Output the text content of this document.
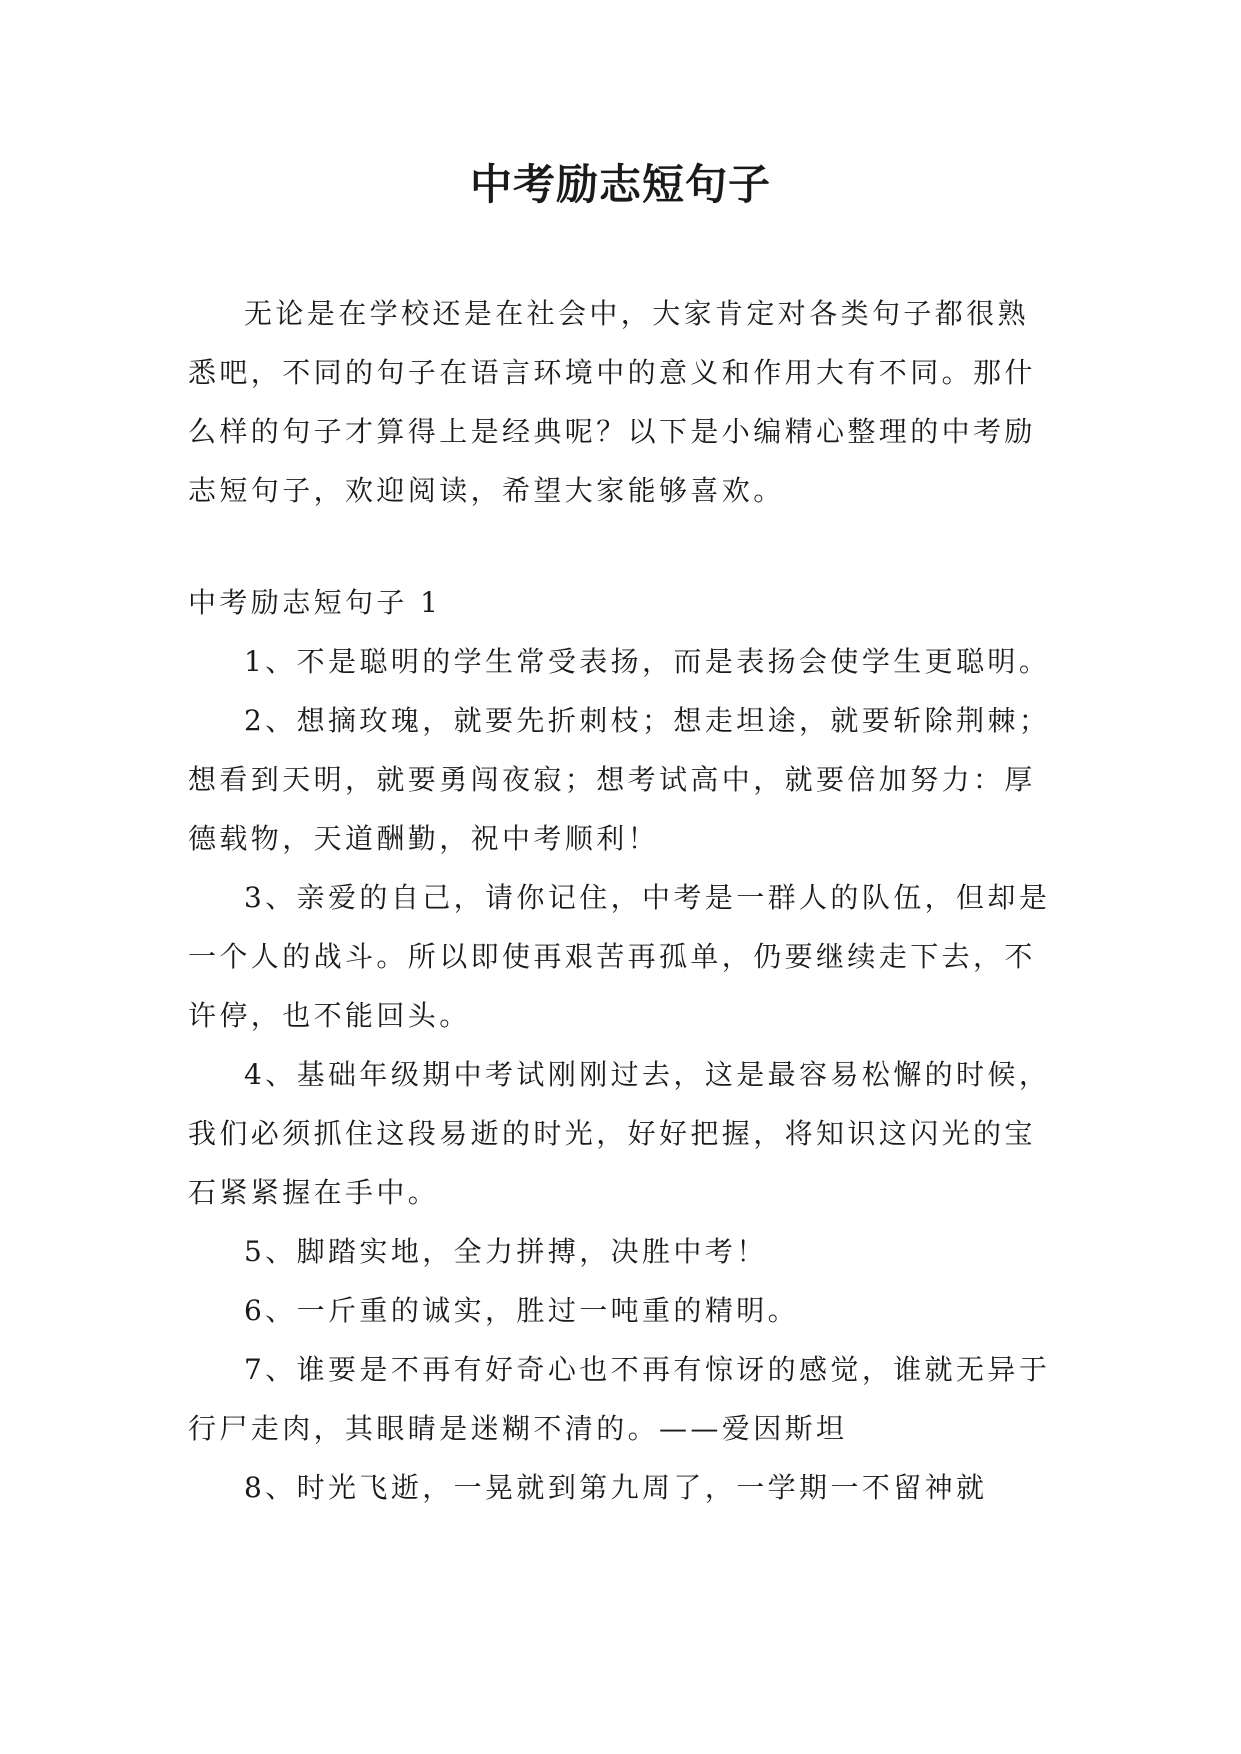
中考励志短句子

无论是在学校还是在社会中，大家肯定对各类句子都很熟悉吧，不同的句子在语言环境中的意义和作用大有不同。那什么样的句子才算得上是经典呢？以下是小编精心整理的中考励志短句子，欢迎阅读，希望大家能够喜欢。

中考励志短句子 1

1、不是聪明的学生常受表扬，而是表扬会使学生更聪明。

2、想摘玫瑰，就要先折刺枝；想走坦途，就要斩除荆棘；想看到天明，就要勇闯夜寂；想考试高中，就要倍加努力：厚德载物，天道酬勤，祝中考顺利！

3、亲爱的自己，请你记住，中考是一群人的队伍，但却是一个人的战斗。所以即使再艰苦再孤单，仍要继续走下去，不许停，也不能回头。

4、基础年级期中考试刚刚过去，这是最容易松懈的时候，我们必须抓住这段易逝的时光，好好把握，将知识这闪光的宝石紧紧握在手中。

5、脚踏实地，全力拼搏，决胜中考！

6、一斤重的诚实，胜过一吨重的精明。

7、谁要是不再有好奇心也不再有惊讶的感觉，谁就无异于行尸走肉，其眼睛是迷糊不清的。——爱因斯坦

8、时光飞逝，一晃就到第九周了，一学期一不留神就
